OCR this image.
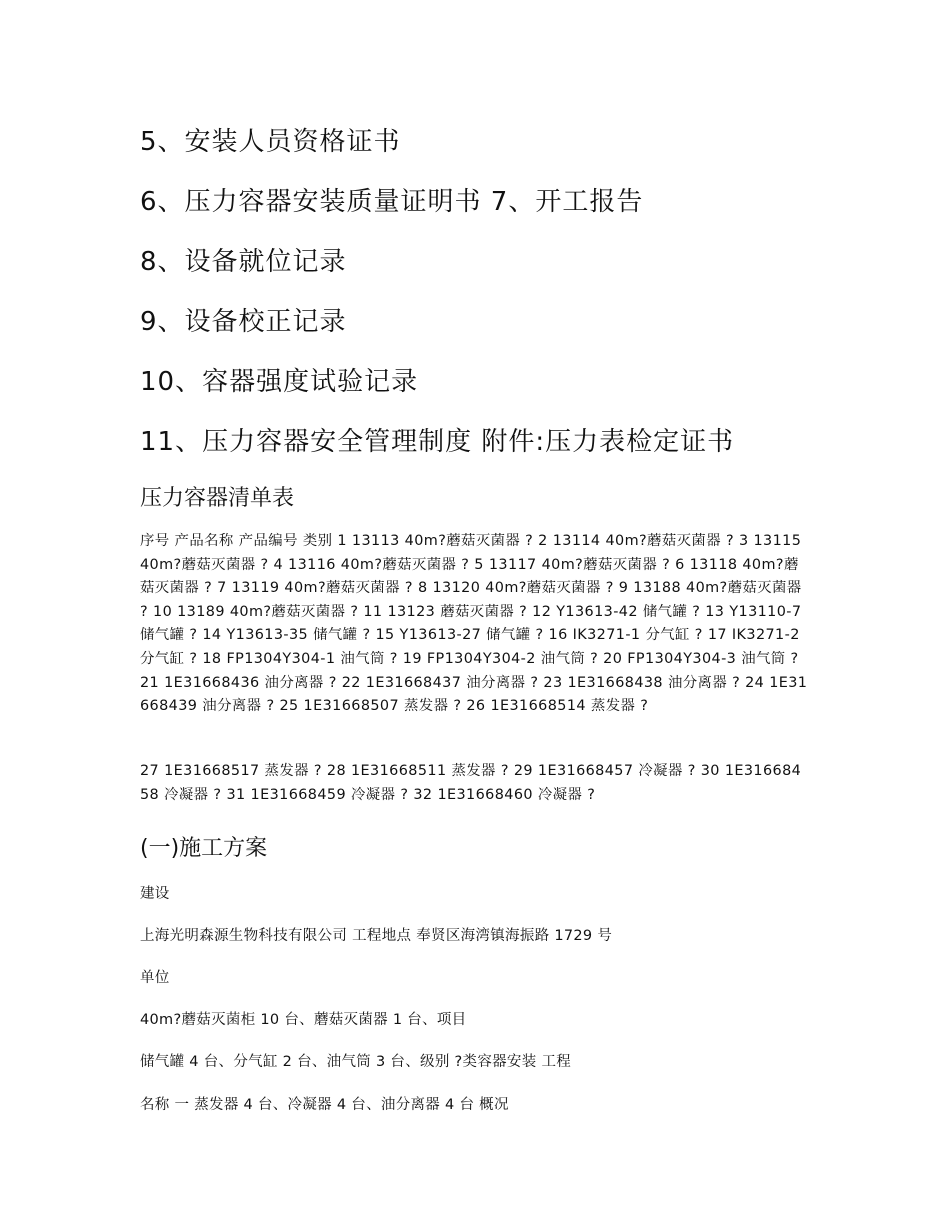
5、安装人员资格证书
6、压力容器安装质量证明书 7、开工报告
8、设备就位记录
9、设备校正记录
10、容器强度试验记录
11、压力容器安全管理制度 附件:压力表检定证书
压力容器清单表
序号 产品名称 产品编号 类别 1 13113 40m?蘑菇灭菌器 ? 2 13114 40m?蘑菇灭菌器 ? 3 13115 40m?蘑菇灭菌器 ? 4 13116 40m?蘑菇灭菌器 ? 5 13117 40m?蘑菇灭菌器 ? 6 13118 40m?蘑菇灭菌器 ? 7 13119 40m?蘑菇灭菌器 ? 8 13120 40m?蘑菇灭菌器 ? 9 13188 40m?蘑菇灭菌器 ? 10 13189 40m?蘑菇灭菌器 ? 11 13123 蘑菇灭菌器 ? 12 Y13613-42 储气罐 ? 13 Y13110-7 储气罐 ? 14 Y13613-35 储气罐 ? 15 Y13613-27 储气罐 ? 16 IK3271-1 分气缸 ? 17 IK3271-2 分气缸 ? 18 FP1304Y304-1 油气筒 ? 19 FP1304Y304-2 油气筒 ? 20 FP1304Y304-3 油气筒 ? 21 1E31668436 油分离器 ? 22 1E31668437 油分离器 ? 23 1E31668438 油分离器 ? 24 1E31668439 油分离器 ? 25 1E31668507 蒸发器 ? 26 1E31668514 蒸发器 ?
27 1E31668517 蒸发器 ? 28 1E31668511 蒸发器 ? 29 1E31668457 冷凝器 ? 30 1E31668458 冷凝器 ? 31 1E31668459 冷凝器 ? 32 1E31668460 冷凝器 ?
(一)施工方案
建设
上海光明森源生物科技有限公司 工程地点 奉贤区海湾镇海振路 1729 号
单位
40m?蘑菇灭菌柜 10 台、蘑菇灭菌器 1 台、项目
储气罐 4 台、分气缸 2 台、油气筒 3 台、级别 ?类容器安装 工程
名称 一 蒸发器 4 台、冷凝器 4 台、油分离器 4 台 概况
